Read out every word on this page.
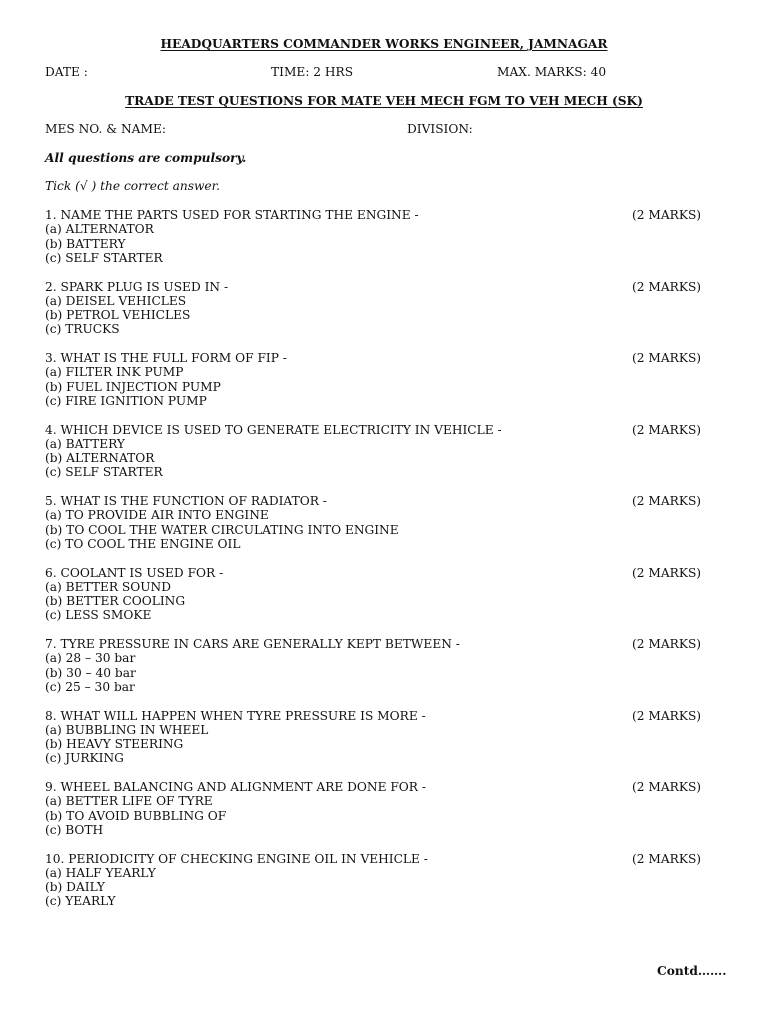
HEADQUARTERS COMMANDER WORKS ENGINEER, JAMNAGAR
DATE :	TIME: 2 HRS	MAX. MARKS: 40
TRADE TEST QUESTIONS FOR MATE VEH MECH FGM TO VEH MECH (SK)
MES NO. & NAME:	DIVISION:
All questions are compulsory.
Tick (√ ) the correct answer.
1. NAME THE PARTS USED FOR STARTING THE ENGINE -	(2 MARKS)
(a) ALTERNATOR
(b) BATTERY
(c) SELF STARTER
2. SPARK PLUG IS USED IN -	(2 MARKS)
(a) DEISEL VEHICLES
(b) PETROL VEHICLES
(c) TRUCKS
3. WHAT IS THE FULL FORM OF FIP -	(2 MARKS)
(a) FILTER INK PUMP
(b) FUEL INJECTION PUMP
(c) FIRE IGNITION PUMP
4. WHICH DEVICE IS USED TO GENERATE ELECTRICITY IN VEHICLE -	(2 MARKS)
(a) BATTERY
(b) ALTERNATOR
(c) SELF STARTER
5. WHAT IS THE FUNCTION OF RADIATOR -	(2 MARKS)
(a) TO PROVIDE AIR INTO ENGINE
(b) TO COOL THE WATER CIRCULATING INTO ENGINE
(c) TO COOL THE ENGINE OIL
6. COOLANT IS USED FOR -	(2 MARKS)
(a) BETTER SOUND
(b) BETTER COOLING
(c) LESS SMOKE
7. TYRE PRESSURE IN CARS ARE GENERALLY KEPT BETWEEN -	(2 MARKS)
(a) 28 – 30 bar
(b) 30 – 40 bar
(c) 25 – 30 bar
8. WHAT WILL HAPPEN WHEN TYRE PRESSURE IS MORE -	(2 MARKS)
(a) BUBBLING IN WHEEL
(b) HEAVY STEERING
(c) JURKING
9. WHEEL BALANCING AND ALIGNMENT ARE DONE FOR -	(2 MARKS)
(a) BETTER LIFE OF TYRE
(b) TO AVOID BUBBLING OF
(c) BOTH
10. PERIODICITY OF CHECKING ENGINE OIL IN VEHICLE -	(2 MARKS)
(a) HALF YEARLY
(b) DAILY
(c) YEARLY
Contd…….
